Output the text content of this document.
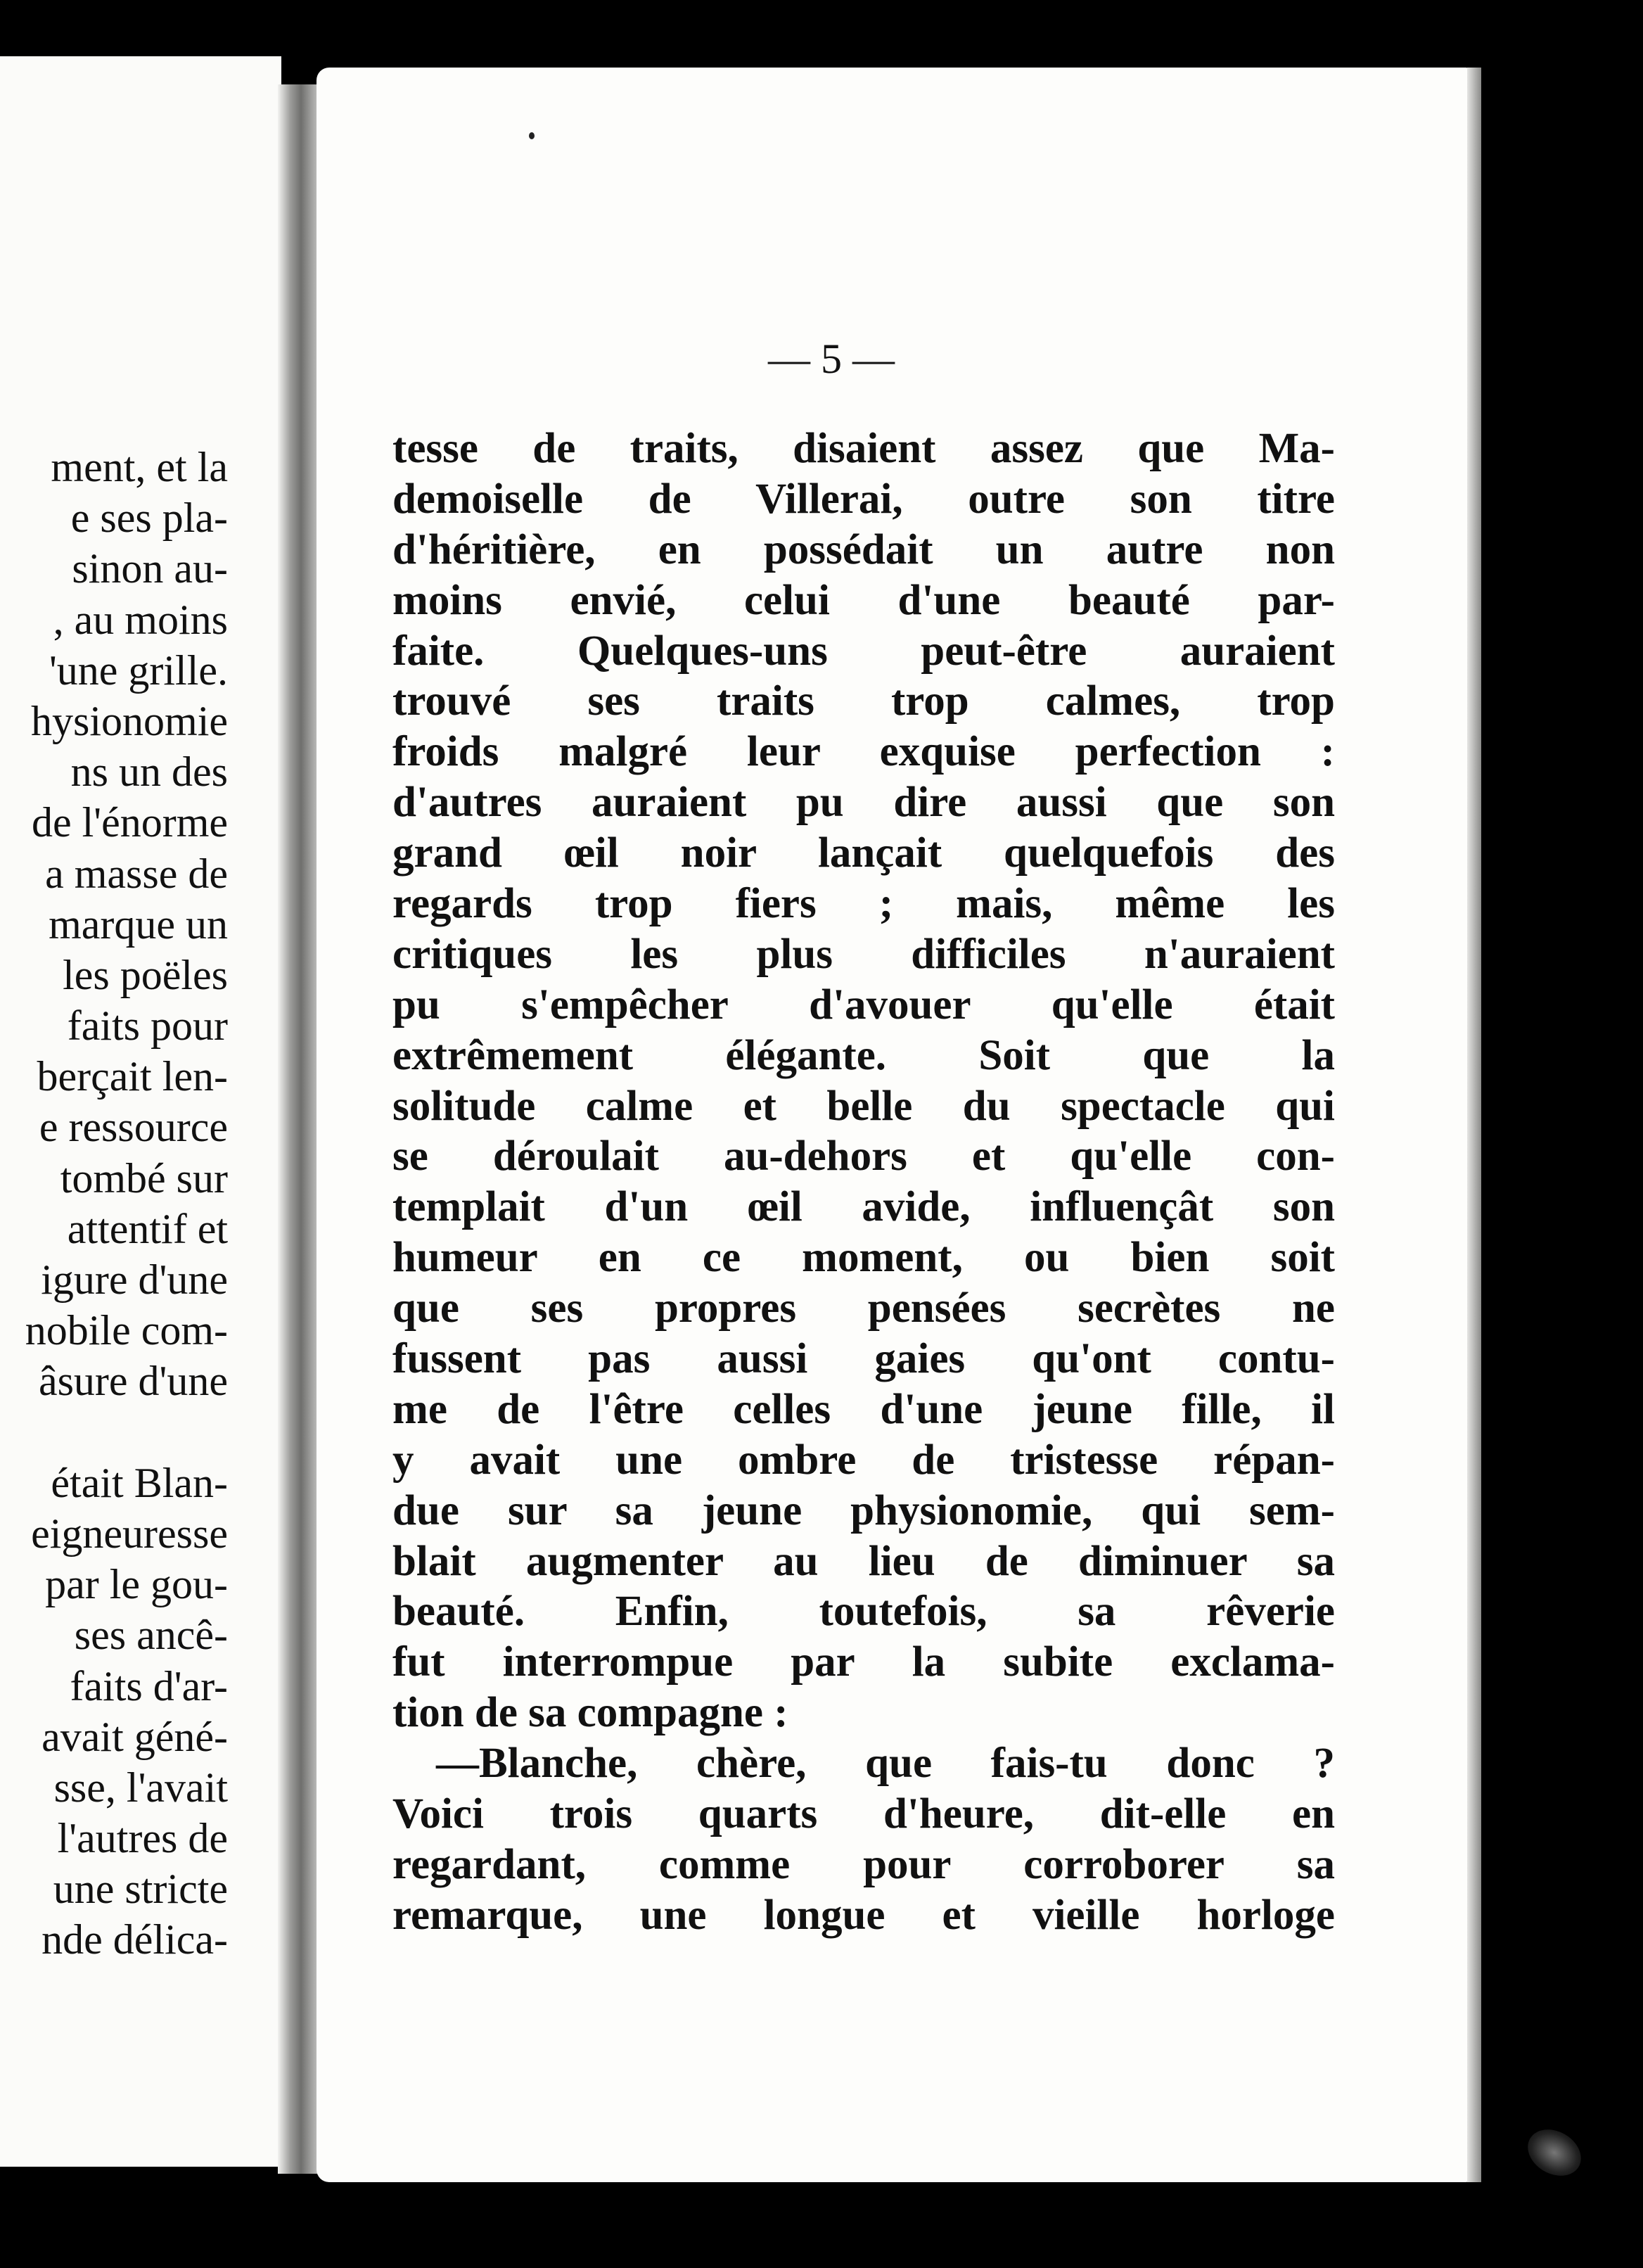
ment, et la
e ses pla-
sinon au-
, au moins
'une grille.
hysionomie
ns un des
de l'énorme
a masse de
marque un
les poëles
faits pour
berçait len-
e ressource
tombé sur
attentif et
igure d'une
nobile com-
âsure d'une
était Blan-
eigneuresse
par le gou-
ses ancê-
faits d'ar-
avait géné-
sse, l'avait
l'autres de
une stricte
nde délica-
— 5 —
tesse de traits, disaient assez que Ma-
demoiselle de Villerai, outre son titre
d'héritière, en possédait un autre non
moins envié, celui d'une beauté par-
faite. Quelques-uns peut-être auraient
trouvé ses traits trop calmes, trop
froids malgré leur exquise perfection :
d'autres auraient pu dire aussi que son
grand œil noir lançait quelquefois des
regards trop fiers ; mais, même les
critiques les plus difficiles n'auraient
pu s'empêcher d'avouer qu'elle était
extrêmement élégante. Soit que la
solitude calme et belle du spectacle qui
se déroulait au-dehors et qu'elle con-
templait d'un œil avide, influençât son
humeur en ce moment, ou bien soit
que ses propres pensées secrètes ne
fussent pas aussi gaies qu'ont contu-
me de l'être celles d'une jeune fille, il
y avait une ombre de tristesse répan-
due sur sa jeune physionomie, qui sem-
blait augmenter au lieu de diminuer sa
beauté. Enfin, toutefois, sa rêverie
fut interrompue par la subite exclama-
tion de sa compagne :
—Blanche, chère, que fais-tu donc ?
Voici trois quarts d'heure, dit-elle en
regardant, comme pour corroborer sa
remarque, une longue et vieille horloge
